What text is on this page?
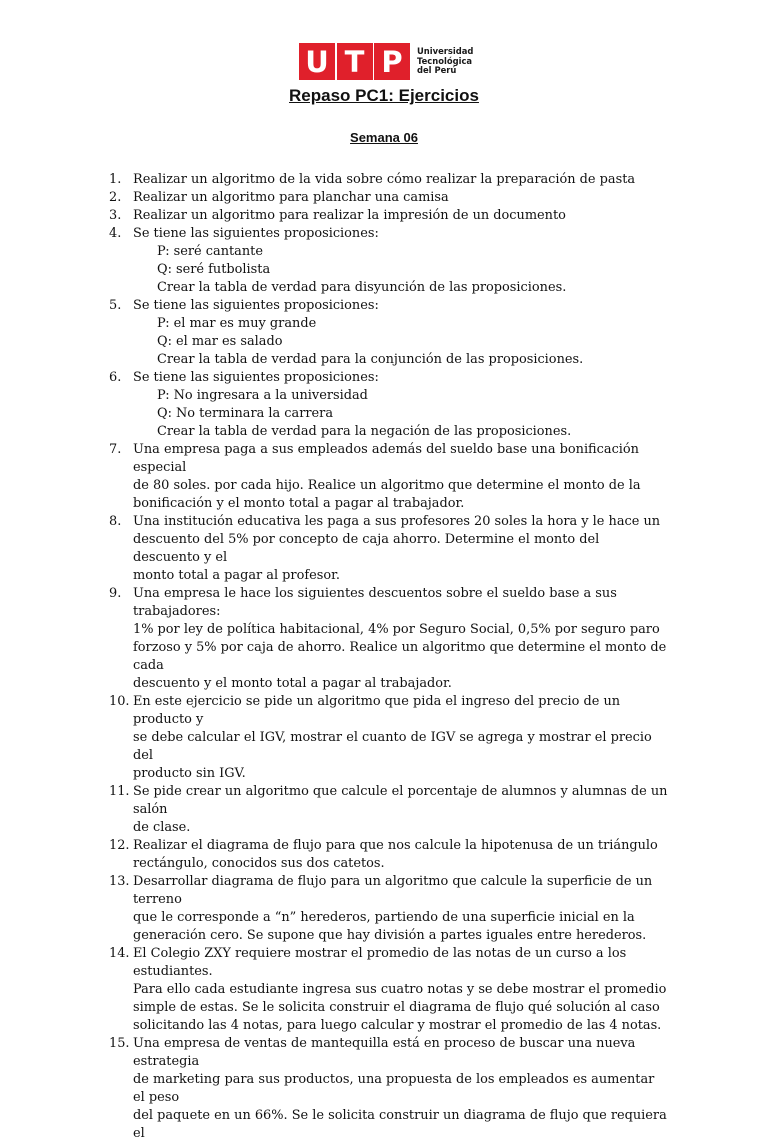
U T P	Universidad
Tecnológica
del Perú
Repaso PC1: Ejercicios
Semana 06
1. Realizar un algoritmo de la vida sobre cómo realizar la preparación de pasta
2. Realizar un algoritmo para planchar una camisa
3. Realizar un algoritmo para realizar la impresión de un documento
4. Se tiene las siguientes proposiciones:
P: seré cantante
Q: seré futbolista
Crear la tabla de verdad para disyunción de las proposiciones.
5. Se tiene las siguientes proposiciones:
P: el mar es muy grande
Q: el mar es salado
Crear la tabla de verdad para la conjunción de las proposiciones.
6. Se tiene las siguientes proposiciones:
P: No ingresara a la universidad
Q: No terminara la carrera
Crear la tabla de verdad para la negación de las proposiciones.
7. Una empresa paga a sus empleados además del sueldo base una bonificación especial
de 80 soles. por cada hijo. Realice un algoritmo que determine el monto de la
bonificación y el monto total a pagar al trabajador.
8. Una institución educativa les paga a sus profesores 20 soles la hora y le hace un
descuento del 5% por concepto de caja ahorro. Determine el monto del descuento y el
monto total a pagar al profesor.
9. Una empresa le hace los siguientes descuentos sobre el sueldo base a sus trabajadores:
1% por ley de política habitacional, 4% por Seguro Social, 0,5% por seguro paro
forzoso y 5% por caja de ahorro. Realice un algoritmo que determine el monto de cada
descuento y el monto total a pagar al trabajador.
10. En este ejercicio se pide un algoritmo que pida el ingreso del precio de un producto y
se debe calcular el IGV, mostrar el cuanto de IGV se agrega y mostrar el precio del
producto sin IGV.
11. Se pide crear un algoritmo que calcule el porcentaje de alumnos y alumnas de un salón
de clase.
12. Realizar el diagrama de flujo para que nos calcule la hipotenusa de un triángulo
rectángulo, conocidos sus dos catetos.
13. Desarrollar diagrama de flujo para un algoritmo que calcule la superficie de un terreno
que le corresponde a “n” herederos, partiendo de una superficie inicial en la
generación cero. Se supone que hay división a partes iguales entre herederos.
14. El Colegio ZXY requiere mostrar el promedio de las notas de un curso a los estudiantes.
Para ello cada estudiante ingresa sus cuatro notas y se debe mostrar el promedio
simple de estas. Se le solicita construir el diagrama de flujo qué solución al caso
solicitando las 4 notas, para luego calcular y mostrar el promedio de las 4 notas.
15. Una empresa de ventas de mantequilla está en proceso de buscar una nueva estrategia
de marketing para sus productos, una propuesta de los empleados es aumentar el peso
del paquete en un 66%. Se le solicita construir un diagrama de flujo que requiera el
